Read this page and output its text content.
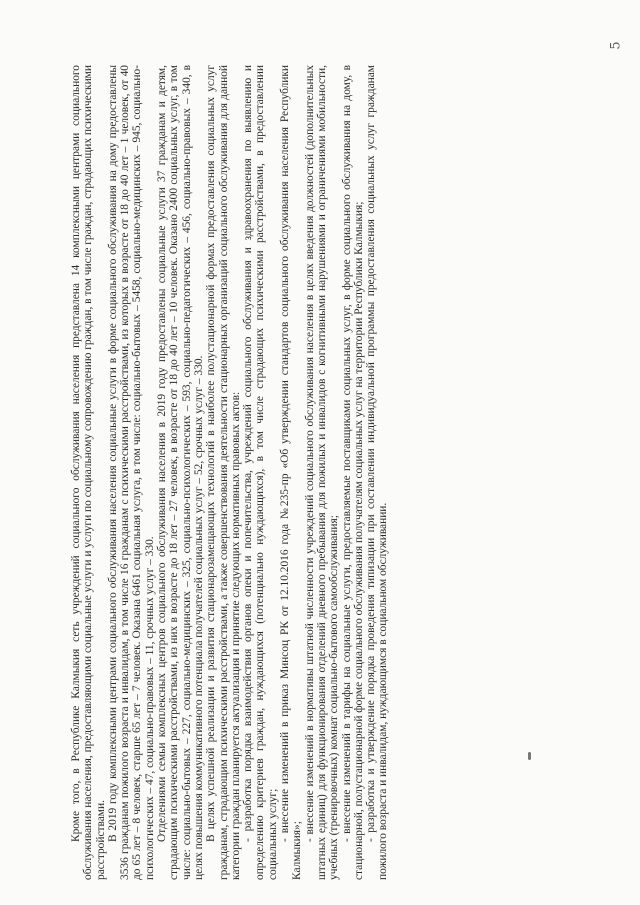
5

Кроме того, в Республике Калмыкия сеть учреждений социального обслуживания населения представлена 14 комплексными центрами социального обслуживания населения, предоставляющими социальные услуги и услуги по социальному сопровождению граждан, в том числе граждан, страдающих психическими расстройствами. В 2019 году комплексными центрами социального обслуживания населения социальные услуги в форме социального обслуживания на дому предоставлены 3536 гражданам пожилого возраста и инвалидам, в том числе 16 гражданам с психическими расстройствами, из которых в возрасте от 18 до 40 лет – 1 человек, от 40 до 65 лет – 8 человек, старше 65 лет – 7 человек. Оказана 6461 социальная услуга, в том числе: социально-бытовых – 5458, социально-медицинских – 945, социально-психологических – 47, социально-правовых – 11, срочных услуг – 330. Отделениями семьи комплексных центров социального обслуживания населения в 2019 году предоставлены социальные услуги 37 гражданам и детям, страдающим психическими расстройствами, из них в возрасте до 18 лет – 27 человек, в возрасте от 18 до 40 лет – 10 человек. Оказано 2400 социальных услуг, в том числе: социально-бытовых – 227, социально-медицинских – 325, социально-психологических – 593, социально-педагогических – 456, социально-правовых – 340, в целях повышения коммуникативного потенциала получателей социальных услуг – 52, срочных услуг – 330. В целях успешной реализации и развития стационарозамещающих технологий в наиболее полустационарной формах предоставления социальных услуг гражданам, страдающим психическими расстройствами, а также совершенствования деятельности стационарных организаций социального обслуживания для данной категории граждан планируется актуализация и принятие следующих нормативных правовых актов: - разработка порядка взаимодействия органов опеки и попечительства, учреждений социального обслуживания и здравоохранения по выявлению и определению критериев граждан, нуждающихся (потенциально нуждающихся), в том числе страдающих психическими расстройствами, в предоставлении социальных услуг; - внесение изменений в приказ Минсоц РК от 12.10.2016 года №235-пр «Об утверждении стандартов социального обслуживания населения Республики Калмыкия»;

- внесение изменений в нормативы штатной численности учреждений социального обслуживания населения в целях введения должностей (дополнительных штатных единиц) для функционирования отделений дневного пребывания для пожилых и инвалидов с когнитивными нарушениями и ограничениями мобильности, учебных (тренировочных) комнат социально-бытового самообслуживания; - внесение изменений в тарифы на социальные услуги, предоставляемые поставщиками социальных услуг, в форме социального обслуживания на дому, в стационарной, полустационарной форме социального обслуживания получателям социальных услуг на территории Республики Калмыкия; - разработка и утверждение порядка проведения типизации при составлении индивидуальной программы предоставления социальных услуг гражданам пожилого возраста и инвалидам, нуждающимся в социальном обслуживании.
